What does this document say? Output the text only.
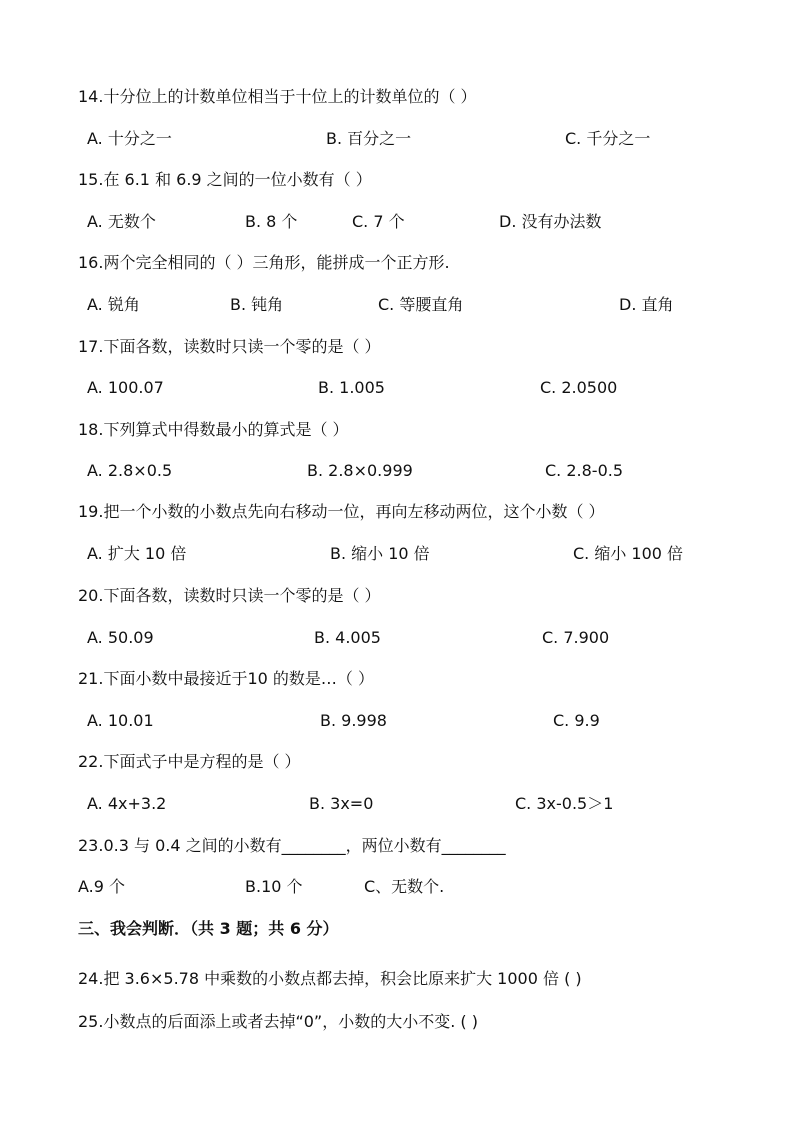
14.十分位上的计数单位相当于十位上的计数单位的（ ）
A. 十分之一	B. 百分之一	C. 千分之一
15.在 6.1 和 6.9 之间的一位小数有（ ）
A. 无数个	B. 8 个	C. 7 个	D. 没有办法数
16.两个完全相同的（ ）三角形，能拼成一个正方形.
A. 锐角	B. 钝角	C. 等腰直角	D. 直角
17.下面各数，读数时只读一个零的是（ ）
A. 100.07	B. 1.005	C. 2.0500
18.下列算式中得数最小的算式是（ ）
A. 2.8×0.5	B. 2.8×0.999	C. 2.8-0.5
19.把一个小数的小数点先向右移动一位，再向左移动两位，这个小数（ ）
A. 扩大 10 倍	B. 缩小 10 倍	C. 缩小 100 倍
20.下面各数，读数时只读一个零的是（ ）
A. 50.09	B. 4.005	C. 7.900
21.下面小数中最接近于10 的数是…（ ）
A. 10.01	B. 9.998	C. 9.9
22.下面式子中是方程的是（ ）
A. 4x+3.2	B. 3x=0	C. 3x-0.5＞1
23.0.3 与 0.4 之间的小数有________，两位小数有________
A.9 个	B.10 个	C、无数个.
三、我会判断．（共 3 题；共 6 分）
24.把 3.6×5.78 中乘数的小数点都去掉，积会比原来扩大 1000 倍 ( )
25.小数点的后面添上或者去掉“0”，小数的大小不变. ( )
